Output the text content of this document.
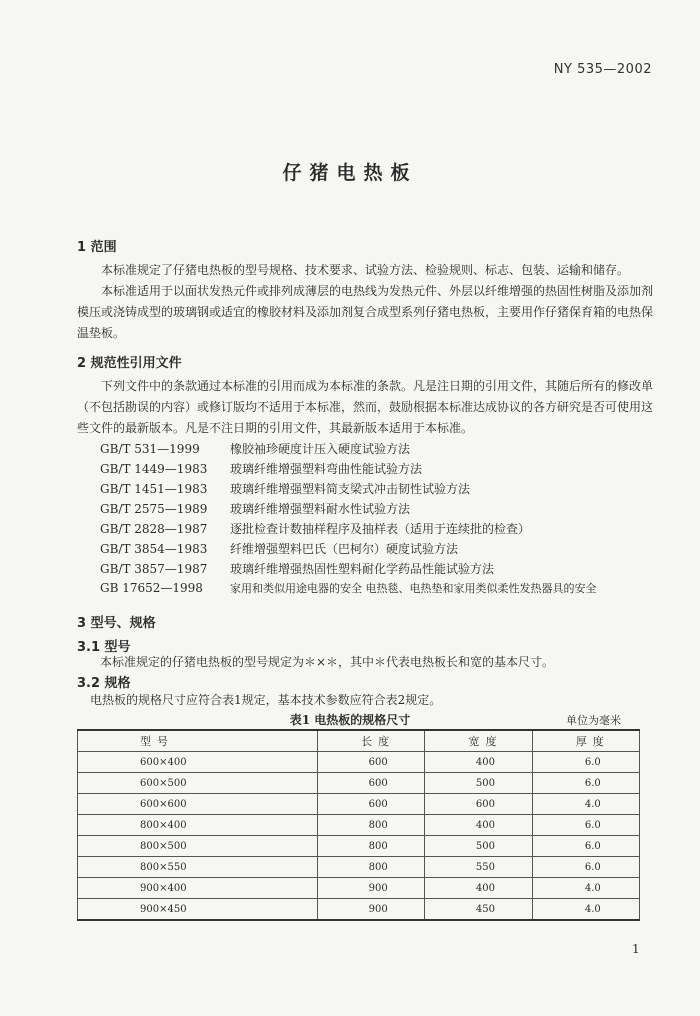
NY 535—2002
仔猪电热板
1 范围
本标准规定了仔猪电热板的型号规格、技术要求、试验方法、检验规则、标志、包装、运输和储存。
本标准适用于以面状发热元件或排列成薄层的电热线为发热元件、外层以纤维增强的热固性树脂及添加剂模压或浇铸成型的玻璃钢或适宜的橡胶材料及添加剂复合成型系列仔猪电热板，主要用作仔猪保育箱的电热保温垫板。
2 规范性引用文件
下列文件中的条款通过本标准的引用而成为本标准的条款。凡是注日期的引用文件，其随后所有的修改单（不包括勘误的内容）或修订版均不适用于本标准，然而，鼓励根据本标准达成协议的各方研究是否可使用这些文件的最新版本。凡是不注日期的引用文件，其最新版本适用于本标准。
GB/T 531—1999	橡胶袖珍硬度计压入硬度试验方法
GB/T 1449—1983 玻璃纤维增强塑料弯曲性能试验方法
GB/T 1451—1983 玻璃纤维增强塑料简支梁式冲击韧性试验方法
GB/T 2575—1989 玻璃纤维增强塑料耐水性试验方法
GB/T 2828—1987 逐批检查计数抽样程序及抽样表（适用于连续批的检查）
GB/T 3854—1983 纤维增强塑料巴氏（巴柯尔）硬度试验方法
GB/T 3857—1987 玻璃纤维增强热固性塑料耐化学药品性能试验方法
GB 17652—1998 家用和类似用途电器的安全 电热毯、电热垫和家用类似柔性发热器具的安全
3 型号、规格
3.1 型号
本标准规定的仔猪电热板的型号规定为＊×＊，其中＊代表电热板长和宽的基本尺寸。
3.2 规格
电热板的规格尺寸应符合表1规定，基本技术参数应符合表2规定。
表1 电热板的规格尺寸	单位为毫米
型号	长度	宽度	厚度
600×400	600	400	6.0
600×500	600	500	6.0
600×600	600	600	4.0
800×400	800	400	6.0
800×500	800	500	6.0
800×550	800	550	6.0
900×400	900	400	4.0
900×450	900	450	4.0
1
